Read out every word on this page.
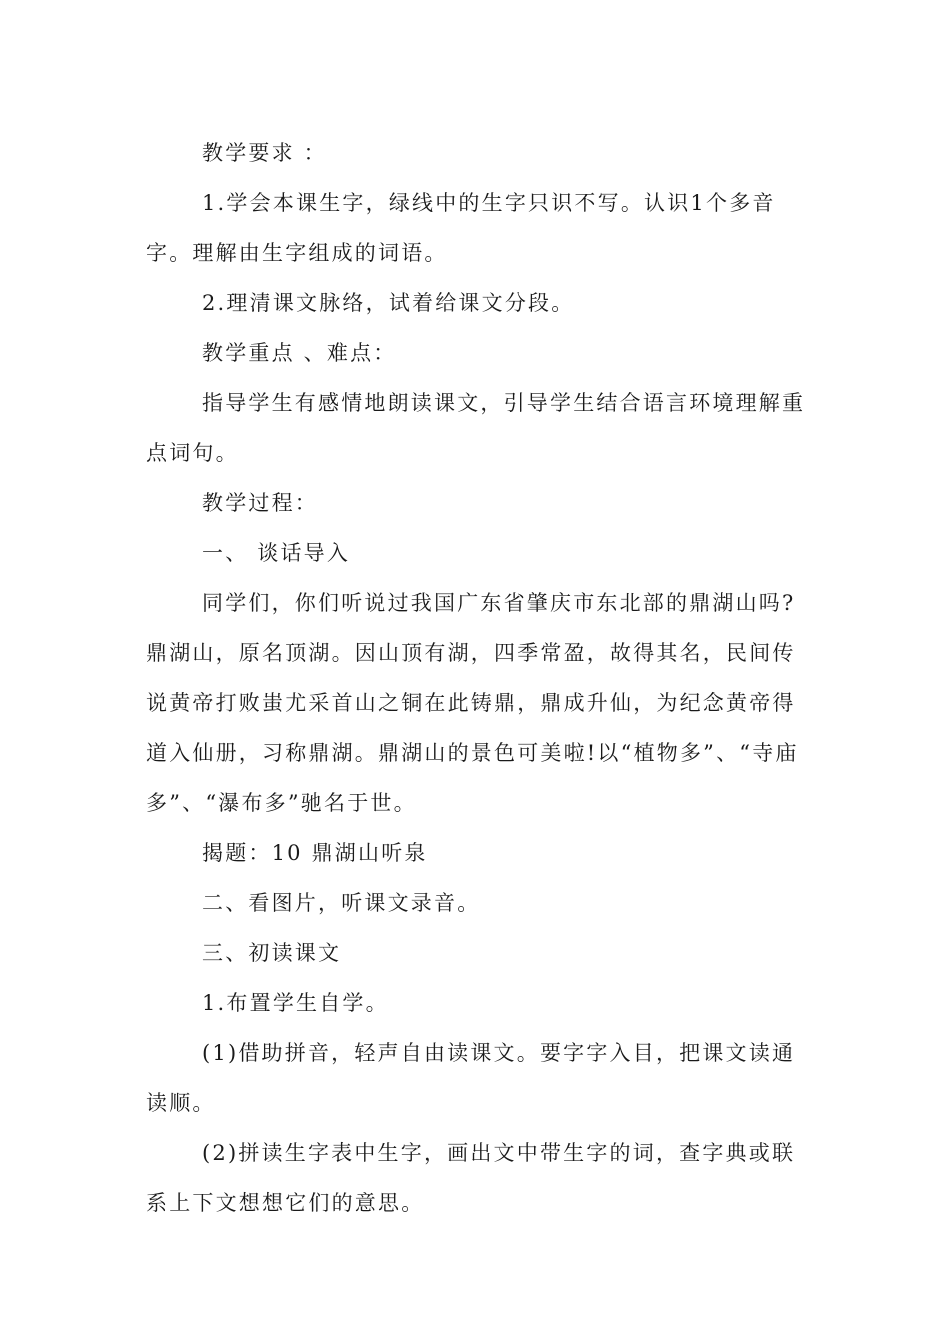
教学要求 ：

1.学会本课生字，绿线中的生字只识不写。认识1个多音字。理解由生字组成的词语。

2.理清课文脉络，试着给课文分段。

教学重点 、难点：

指导学生有感情地朗读课文，引导学生结合语言环境理解重点词句。

教学过程：

一、 谈话导入

同学们，你们听说过我国广东省肇庆市东北部的鼎湖山吗?鼎湖山，原名顶湖。因山顶有湖，四季常盈，故得其名，民间传说黄帝打败蚩尤采首山之铜在此铸鼎，鼎成升仙，为纪念黄帝得道入仙册，习称鼎湖。鼎湖山的景色可美啦!以“植物多”、“寺庙多”、“瀑布多”驰名于世。

揭题：10 鼎湖山听泉

二、看图片，听课文录音。

三、初读课文

1.布置学生自学。

(1)借助拼音，轻声自由读课文。要字字入目，把课文读通读顺。

(2)拼读生字表中生字，画出文中带生字的词，查字典或联系上下文想想它们的意思。
